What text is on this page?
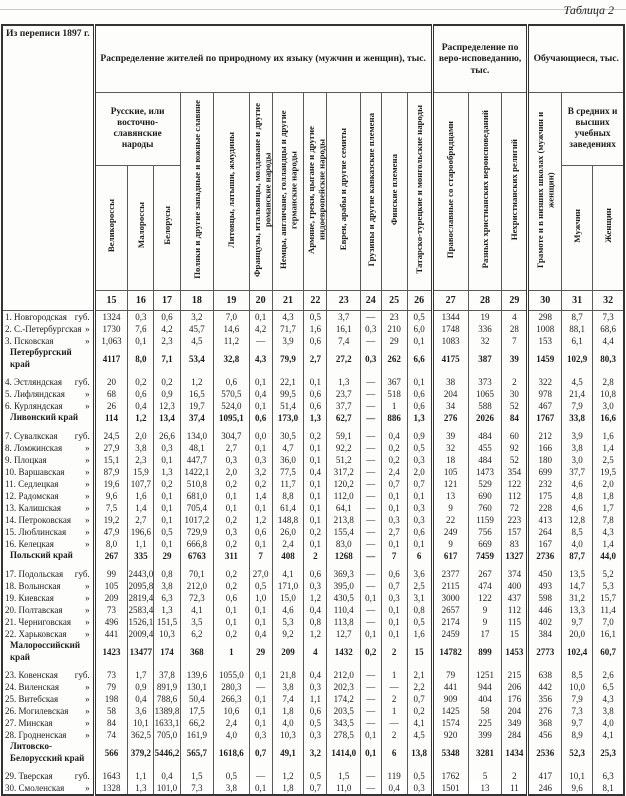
Таблица 2
Из переписи 1897 г.	Распределение жителей по природному их языку (мужчин и женщин), тыс.												Распределение по веро-исповеданию, тыс.			Обучающиеся, тыс.		
	Русские, или восточно-славянские народы			Поляки и другие западные и южные славяне	Литовцы, латыши, жмудины	Французы, итальянцы, молдаване и другие романские народы	Немцы, англичане, голландцы и другие германские народы	Армяне, греки, цыгане и другие индоевропейские народы	Евреи, арабы и другие семиты	Грузины и другие кавказские племена	Финские племена	Татарско-турецкие и монгольские народы	Православные со старообрядцами	Разных христианских вероисповеданий	Нехристианских религий	Грамоте и в низших школах (мужчин и женщин)	В средних и высших учебных заведениях	
	Великороссы	Малороссы	Белорусы														Мужчин	Женщин
	15	16	17	18	19	20	21	22	23	24	25	26	27	28	29	30	31	32

1. Новгородская губ.	1324	0,3	0,6	3,2	7,0	0,1	4,3	0,5	3,7	—	23	0,5	1344	19	4	298	8,7	7,3

2. С.-Петербургская »	1730	7,6	4,2	45,7	14,6	4,2	71,7	1,6	16,1	0,3	210	6,0	1748	336	28	1008	88,1	68,6

3. Псковская »	1,063	0,1	2,3	4,5	11,2	—	3,9	0,6	7,4	—	29	0,1	1083	32	7	153	6,1	4,4
Петербургский край	4117	8,0	7,1	53,4	32,8	4,3	79,9	2,7	27,2	0,3	262	6,6	4175	387	39	1459	102,9	80,3

4. Эстляндская губ.	20	0,2	0,2	1,2	0,6	0,1	22,1	0,1	1,3	—	367	0,1	38	373	2	322	4,5	2,8

5. Лифляндская »	68	0,6	0,9	16,5	570,5	0,4	99,5	0,6	23,7	—	518	0,6	204	1065	30	978	21,4	10,8

6. Курляндская »	26	0,4	12,3	19,7	524,0	0,1	51,4	0,6	37,7	—	1	0,6	34	588	52	467	7,9	3,0
Ливонский край	114	1,2	13,4	37,4	1095,1	0,6	173,0	1,3	62,7	—	886	1,3	276	2026	84	1767	33,8	16,6

7. Сувалкская губ.	24,5	2,0	26,6	134,0	304,7	0,0	30,5	0,2	59,1	—	0,4	0,9	39	484	60	212	3,9	1,6

8. Ломжинская »	27,9	3,8	0,3	48,1	2,7	0,1	4,7	0,1	92,2	—	0,2	0,5	32	455	92	166	3,8	1,4

9. Плоцкая »	15,1	2,3	0,1	447,7	0,3	0,3	36,0	0,1	51,2	—	0,2	0,3	18	484	52	180	3,0	2,5

10. Варшавская »	87,9	15,9	1,3	1422,1	2,0	3,2	77,5	0,4	317,2	—	2,4	2,0	105	1473	354	699	37,7	19,5

11. Седлецкая »	19,6	107,7	0,2	510,8	0,2	0,2	11,7	0,1	120,2	—	0,7	0,7	121	529	122	232	4,6	2,0

12. Радомская »	9,6	1,6	0,1	681,0	0,1	1,4	8,8	0,1	112,0	—	0,1	0,1	13	690	112	175	4,8	1,8

13. Калишская »	7,5	1,4	0,1	705,4	0,1	0,1	61,4	0,1	64,1	—	0,1	0,3	9	760	72	228	4,6	1,7

14. Петроковская »	19,2	2,7	0,1	1017,2	0,2	1,2	148,8	0,1	213,8	—	0,3	0,3	22	1159	223	413	12,8	7,8

15. Люблинская »	47,9	196,6	0,5	729,9	0,3	0,6	26,0	0,2	155,4	—	2,7	0,6	249	756	157	264	8,5	4,3

16. Келецкая »	8,0	1,1	0,1	666,8	0,2	0,1	2,4	0,1	83,0	—	0,1	0,1	9	669	83	167	4,0	1,4
Польский край	267	335	29	6763	311	7	408	2	1268	—	7	6	617	7459	1327	2736	87,7	44,0

17. Подольская губ.	99	2443,0	0,8	70,1	0,2	27,0	4,1	0,6	369,3	—	0,6	3,6	2377	267	374	450	13,5	5,2

18. Волынская »	105	2095,8	3,8	212,0	0,2	0,5	171,0	0,3	395,0	—	0,7	2,5	2115	474	400	493	14,7	5,3

19. Киевская »	209	2819,4	6,3	72,3	0,6	1,0	15,0	1,2	430,5	0,1	0,3	3,1	3000	122	437	598	31,2	15,7

20. Полтавская »	73	2583,4	1,3	4,1	0,1	0,1	4,6	0,4	110,4	—	0,1	0,8	2657	9	112	446	13,3	11,4

21. Черниговская »	496	1526,1	151,5	3,5	0,1	0,1	5,3	0,8	113,8	—	0,1	0,5	2174	9	115	402	9,7	7,0

22. Харьковская »	441	2009,4	10,3	6,2	0,2	0,4	9,2	1,2	12,7	0,1	0,1	1,6	2459	17	15	384	20,0	16,1
Малороссийский край	1423	13477	174	368	1	29	209	4	1432	0,2	2	15	14782	899	1453	2773	102,4	60,7

23. Ковенская губ.	73	1,7	37,8	139,6	1055,0	0,1	21,8	0,4	212,0	—	1	2,1	79	1251	215	638	8,5	2,6

24. Виленская »	79	0,9	891,9	130,1	280,3	—	3,8	0,3	202,3	—	—	2,2	441	944	206	442	10,0	6,5

25. Витебская »	198	0,4	788,6	50,4	266,3	0,1	7,4	1,1	174,2	—	2	0,7	909	404	176	356	7,9	4,3

26. Могилевская »	58	3,6	1389,8	17,5	10,6	0,1	1,8	0,6	203,5	—	1	0,2	1425	58	204	276	7,3	3,8

27. Минская »	84	10,1	1633,1	66,2	2,4	0,1	4,0	0,5	343,5	—	—	4,1	1574	225	349	368	9,7	4,0

28. Гродненская »	74	362,5	705,0	161,9	4,0	0,3	10,3	0,3	278,5	0,1	2	4,5	920	399	284	456	8,9	4,1
Литовско-Белорусский край	566	379,2	5446,2	565,7	1618,6	0,7	49,1	3,2	1414,0	0,1	6	13,8	5348	3281	1434	2536	52,3	25,3

29. Тверская губ.	1643	1,1	0,4	1,5	0,5	—	1,2	0,5	1,5	—	119	0,5	1762	5	2	417	10,1	6,3

30. Смоленская »	1328	1,3	101,0	7,3	3,8	0,1	1,8	0,7	11,0	—	0,4	0,3	1501	13	11	246	9,6	8,1
